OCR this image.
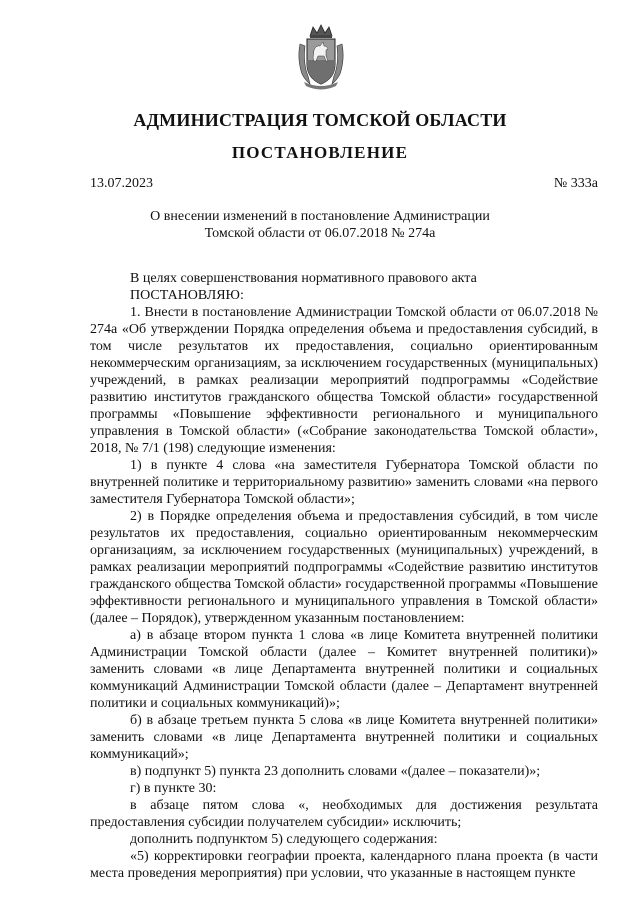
АДМИНИСТРАЦИЯ ТОМСКОЙ ОБЛАСТИ
ПОСТАНОВЛЕНИЕ
13.07.2023	№ 333а
О внесении изменений в постановление Администрации
Томской области от 06.07.2018 № 274а

В целях совершенствования нормативного правового акта

ПОСТАНОВЛЯЮ:

1. Внести в постановление Администрации Томской области от 06.07.2018 № 274а «Об утверждении Порядка определения объема и предоставления субсидий, в том числе результатов их предоставления, социально ориентированным некоммерческим организациям, за исключением государственных (муниципальных) учреждений, в рамках реализации мероприятий подпрограммы «Содействие развитию институтов гражданского общества Томской области» государственной программы «Повышение эффективности регионального и муниципального управления в Томской области» («Собрание законодательства Томской области», 2018, № 7/1 (198) следующие изменения:

1) в пункте 4 слова «на заместителя Губернатора Томской области по внутренней политике и территориальному развитию» заменить словами «на первого заместителя Губернатора Томской области»;

2) в Порядке определения объема и предоставления субсидий, в том числе результатов их предоставления, социально ориентированным некоммерческим организациям, за исключением государственных (муниципальных) учреждений, в рамках реализации мероприятий подпрограммы «Содействие развитию институтов гражданского общества Томской области» государственной программы «Повышение эффективности регионального и муниципального управления в Томской области» (далее – Порядок), утвержденном указанным постановлением:

а) в абзаце втором пункта 1 слова «в лице Комитета внутренней политики Администрации Томской области (далее – Комитет внутренней политики)» заменить словами «в лице Департамента внутренней политики и социальных коммуникаций Администрации Томской области (далее – Департамент внутренней политики и социальных коммуникаций)»;

б) в абзаце третьем пункта 5 слова «в лице Комитета внутренней политики» заменить словами «в лице Департамента внутренней политики и социальных коммуникаций»;

в) подпункт 5) пункта 23 дополнить словами «(далее – показатели)»;

г) в пункте 30:

в абзаце пятом слова «, необходимых для достижения результата предоставления субсидии получателем субсидии» исключить;

дополнить подпунктом 5) следующего содержания:

«5) корректировки географии проекта, календарного плана проекта (в части места проведения мероприятия) при условии, что указанные в настоящем пункте
